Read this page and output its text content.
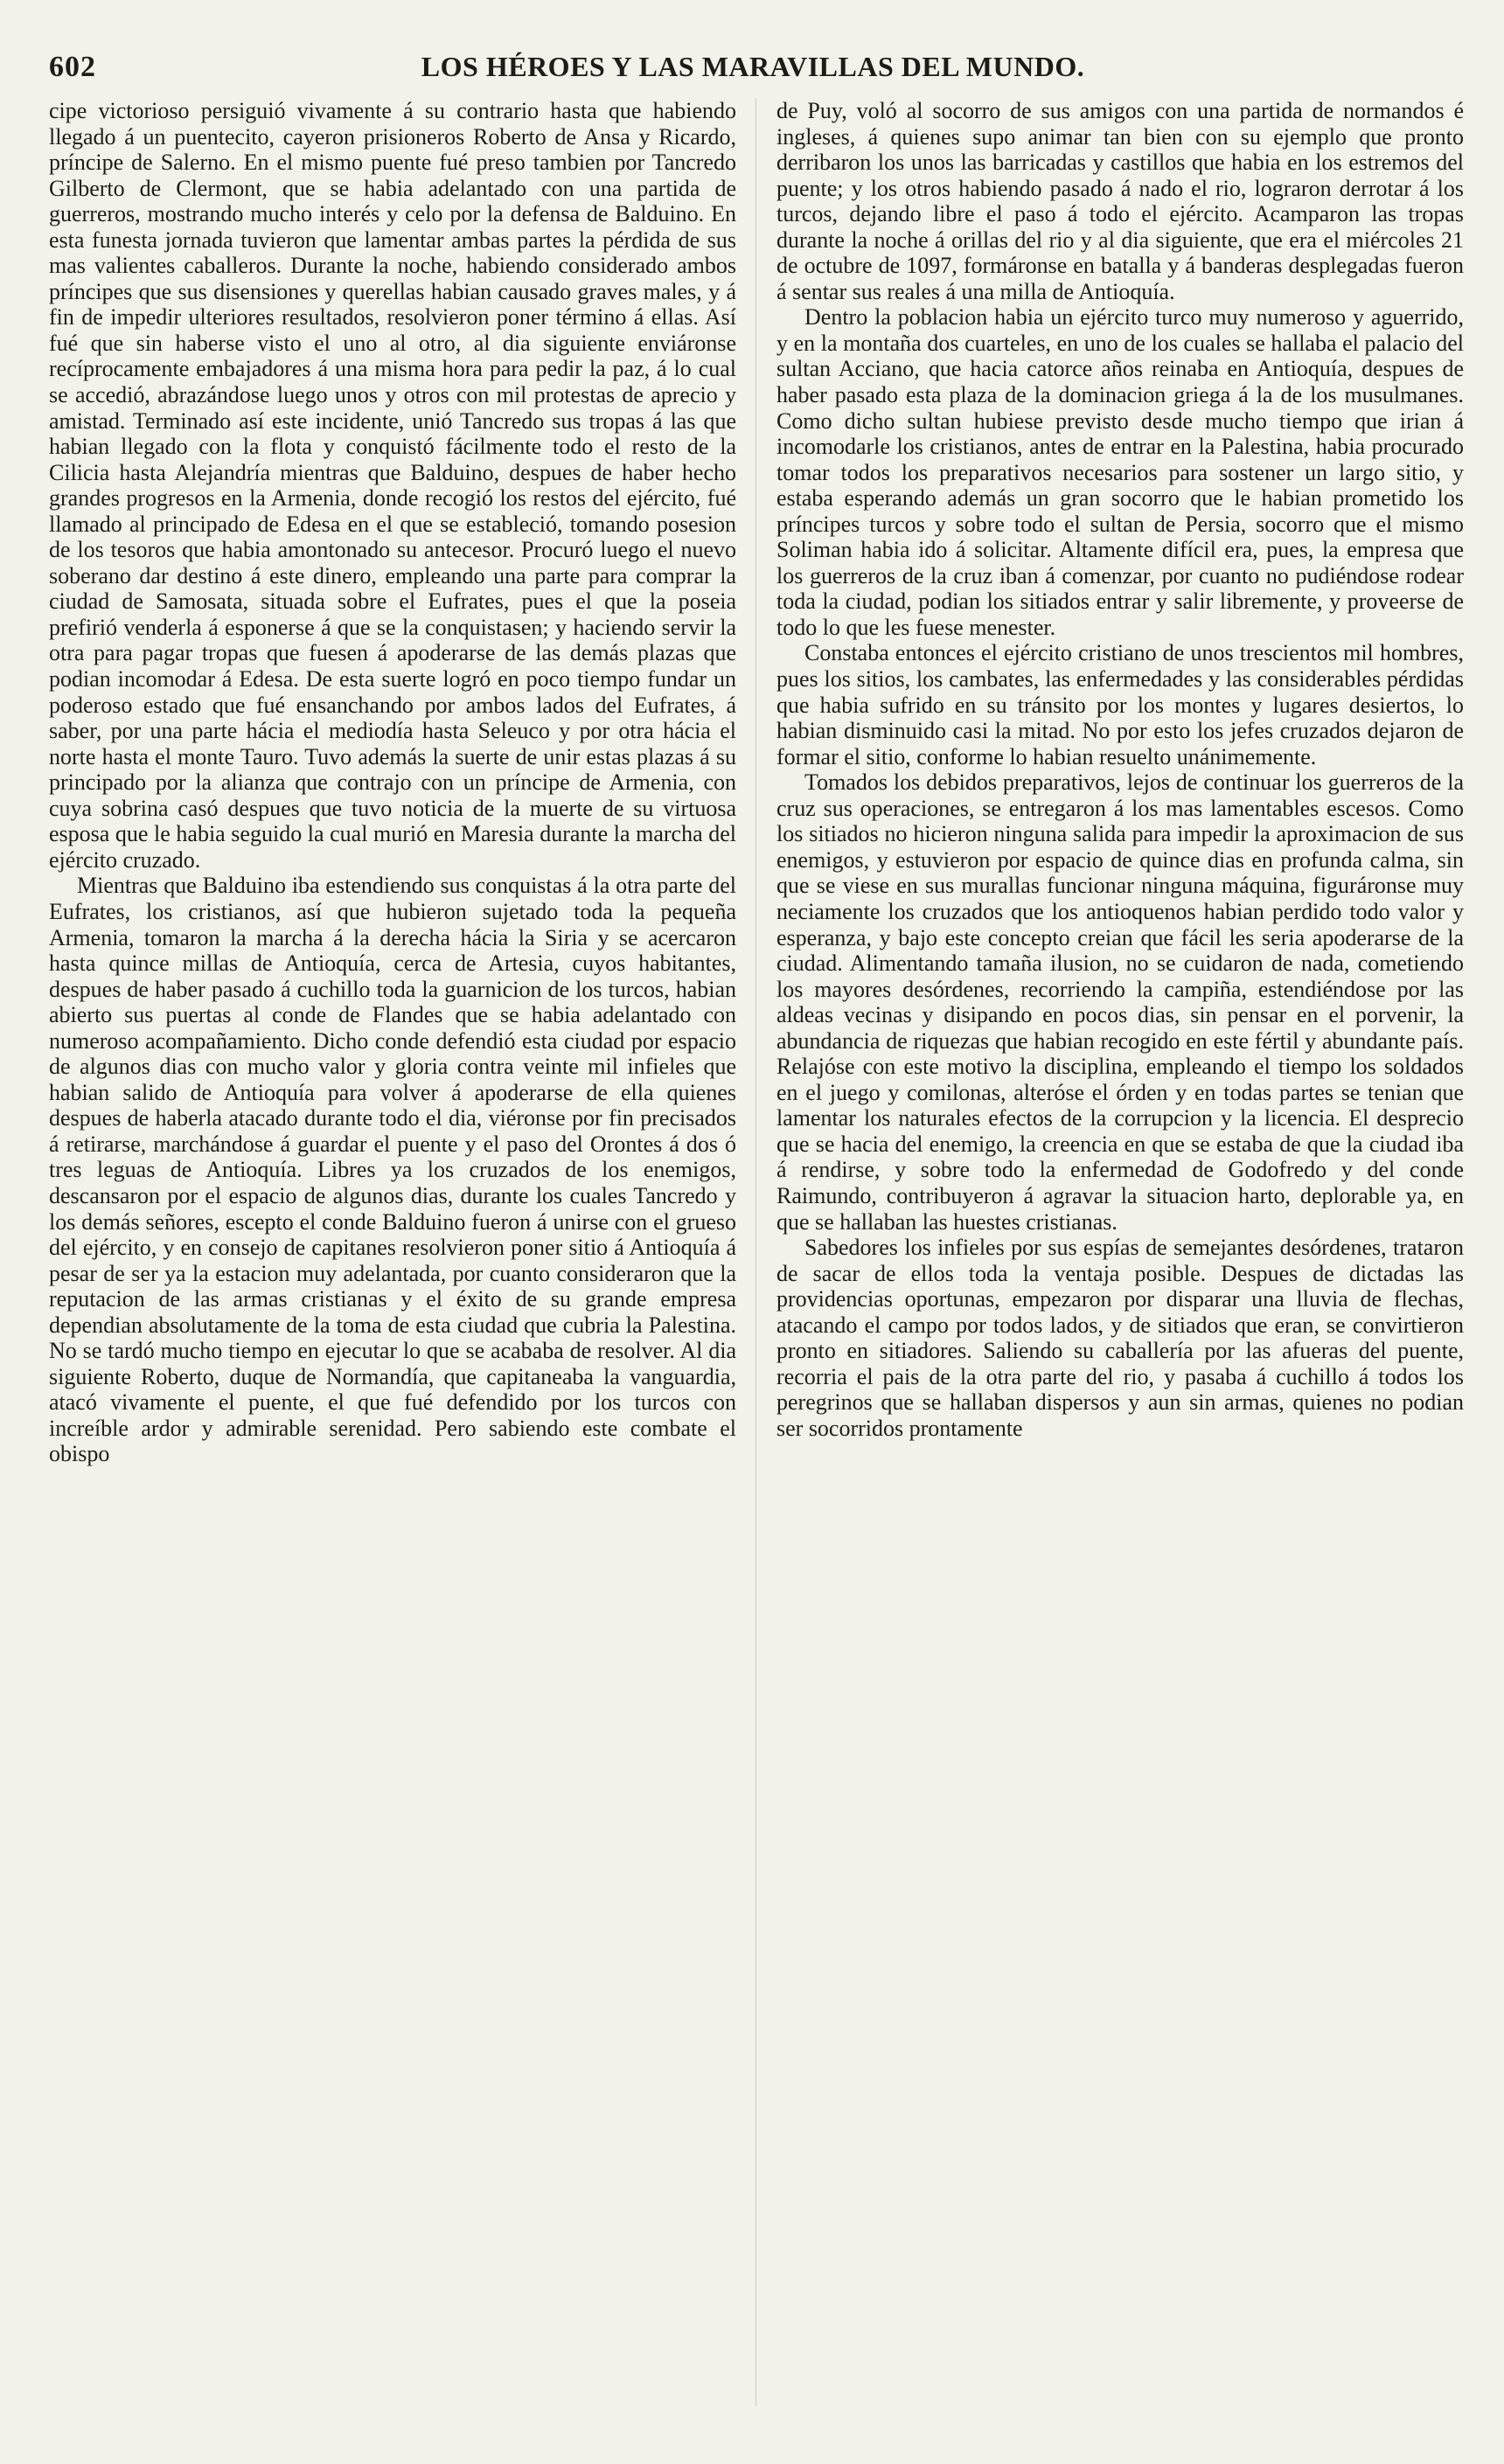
602	LOS HÉROES Y LAS MARAVILLAS DEL MUNDO.

cipe victorioso persiguió vivamente á su contrario hasta que habiendo llegado á un puentecito, cayeron prisioneros Roberto de Ansa y Ricardo, príncipe de Salerno. En el mismo puente fué preso tambien por Tancredo Gilberto de Clermont, que se habia adelantado con una partida de guerreros, mostrando mucho interés y celo por la defensa de Balduino. En esta funesta jornada tuvieron que lamentar ambas partes la pérdida de sus mas valientes caballeros. Durante la noche, habiendo considerado ambos príncipes que sus disensiones y querellas habian causado graves males, y á fin de impedir ulteriores resultados, resolvieron poner término á ellas. Así fué que sin haberse visto el uno al otro, al dia siguiente enviáronse recíprocamente embajadores á una misma hora para pedir la paz, á lo cual se accedió, abrazándose luego unos y otros con mil protestas de aprecio y amistad. Terminado así este incidente, unió Tancredo sus tropas á las que habian llegado con la flota y conquistó fácilmente todo el resto de la Cilicia hasta Alejandría mientras que Balduino, despues de haber hecho grandes progresos en la Armenia, donde recogió los restos del ejército, fué llamado al principado de Edesa en el que se estableció, tomando posesion de los tesoros que habia amontonado su antecesor. Procuró luego el nuevo soberano dar destino á este dinero, empleando una parte para comprar la ciudad de Samosata, situada sobre el Eufrates, pues el que la poseia prefirió venderla á esponerse á que se la conquistasen; y haciendo servir la otra para pagar tropas que fuesen á apoderarse de las demás plazas que podian incomodar á Edesa. De esta suerte logró en poco tiempo fundar un poderoso estado que fué ensanchando por ambos lados del Eufrates, á saber, por una parte hácia el mediodía hasta Seleuco y por otra hácia el norte hasta el monte Tauro. Tuvo además la suerte de unir estas plazas á su principado por la alianza que contrajo con un príncipe de Armenia, con cuya sobrina casó despues que tuvo noticia de la muerte de su virtuosa esposa que le habia seguido la cual murió en Maresia durante la marcha del ejército cruzado.

Mientras que Balduino iba estendiendo sus conquistas á la otra parte del Eufrates, los cristianos, así que hubieron sujetado toda la pequeña Armenia, tomaron la marcha á la derecha hácia la Siria y se acercaron hasta quince millas de Antioquía, cerca de Artesia, cuyos habitantes, despues de haber pasado á cuchillo toda la guarnicion de los turcos, habian abierto sus puertas al conde de Flandes que se habia adelantado con numeroso acompañamiento. Dicho conde defendió esta ciudad por espacio de algunos dias con mucho valor y gloria contra veinte mil infieles que habian salido de Antioquía para volver á apoderarse de ella quienes despues de haberla atacado durante todo el dia, viéronse por fin precisados á retirarse, marchándose á guardar el puente y el paso del Orontes á dos ó tres leguas de Antioquía. Libres ya los cruzados de los enemigos, descansaron por el espacio de algunos dias, durante los cuales Tancredo y los demás señores, escepto el conde Balduino fueron á unirse con el grueso del ejército, y en consejo de capitanes resolvieron poner sitio á Antioquía á pesar de ser ya la estacion muy adelantada, por cuanto consideraron que la reputacion de las armas cristianas y el éxito de su grande empresa dependian absolutamente de la toma de esta ciudad que cubria la Palestina. No se tardó mucho tiempo en ejecutar lo que se acababa de resolver. Al dia siguiente Roberto, duque de Normandía, que capitaneaba la vanguardia, atacó vivamente el puente, el que fué defendido por los turcos con increíble ardor y admirable serenidad. Pero sabiendo este combate el obispo

de Puy, voló al socorro de sus amigos con una partida de normandos é ingleses, á quienes supo animar tan bien con su ejemplo que pronto derribaron los unos las barricadas y castillos que habia en los estremos del puente; y los otros habiendo pasado á nado el rio, lograron derrotar á los turcos, dejando libre el paso á todo el ejército. Acamparon las tropas durante la noche á orillas del rio y al dia siguiente, que era el miércoles 21 de octubre de 1097, formáronse en batalla y á banderas desplegadas fueron á sentar sus reales á una milla de Antioquía.

Dentro la poblacion habia un ejército turco muy numeroso y aguerrido, y en la montaña dos cuarteles, en uno de los cuales se hallaba el palacio del sultan Acciano, que hacia catorce años reinaba en Antioquía, despues de haber pasado esta plaza de la dominacion griega á la de los musulmanes. Como dicho sultan hubiese previsto desde mucho tiempo que irian á incomodarle los cristianos, antes de entrar en la Palestina, habia procurado tomar todos los preparativos necesarios para sostener un largo sitio, y estaba esperando además un gran socorro que le habian prometido los príncipes turcos y sobre todo el sultan de Persia, socorro que el mismo Soliman habia ido á solicitar. Altamente difícil era, pues, la empresa que los guerreros de la cruz iban á comenzar, por cuanto no pudiéndose rodear toda la ciudad, podian los sitiados entrar y salir libremente, y proveerse de todo lo que les fuese menester.

Constaba entonces el ejército cristiano de unos trescientos mil hombres, pues los sitios, los cambates, las enfermedades y las considerables pérdidas que habia sufrido en su tránsito por los montes y lugares desiertos, lo habian disminuido casi la mitad. No por esto los jefes cruzados dejaron de formar el sitio, conforme lo habian resuelto unánimemente.

Tomados los debidos preparativos, lejos de continuar los guerreros de la cruz sus operaciones, se entregaron á los mas lamentables escesos. Como los sitiados no hicieron ninguna salida para impedir la aproximacion de sus enemigos, y estuvieron por espacio de quince dias en profunda calma, sin que se viese en sus murallas funcionar ninguna máquina, figuráronse muy neciamente los cruzados que los antioquenos habian perdido todo valor y esperanza, y bajo este concepto creian que fácil les seria apoderarse de la ciudad. Alimentando tamaña ilusion, no se cuidaron de nada, cometiendo los mayores desórdenes, recorriendo la campiña, estendiéndose por las aldeas vecinas y disipando en pocos dias, sin pensar en el porvenir, la abundancia de riquezas que habian recogido en este fértil y abundante país. Relajóse con este motivo la disciplina, empleando el tiempo los soldados en el juego y comilonas, alteróse el órden y en todas partes se tenian que lamentar los naturales efectos de la corrupcion y la licencia. El desprecio que se hacia del enemigo, la creencia en que se estaba de que la ciudad iba á rendirse, y sobre todo la enfermedad de Godofredo y del conde Raimundo, contribuyeron á agravar la situacion harto, deplorable ya, en que se hallaban las huestes cristianas.

Sabedores los infieles por sus espías de semejantes desórdenes, trataron de sacar de ellos toda la ventaja posible. Despues de dictadas las providencias oportunas, empezaron por disparar una lluvia de flechas, atacando el campo por todos lados, y de sitiados que eran, se convirtieron pronto en sitiadores. Saliendo su caballería por las afueras del puente, recorria el pais de la otra parte del rio, y pasaba á cuchillo á todos los peregrinos que se hallaban dispersos y aun sin armas, quienes no podian ser socorridos prontamente
